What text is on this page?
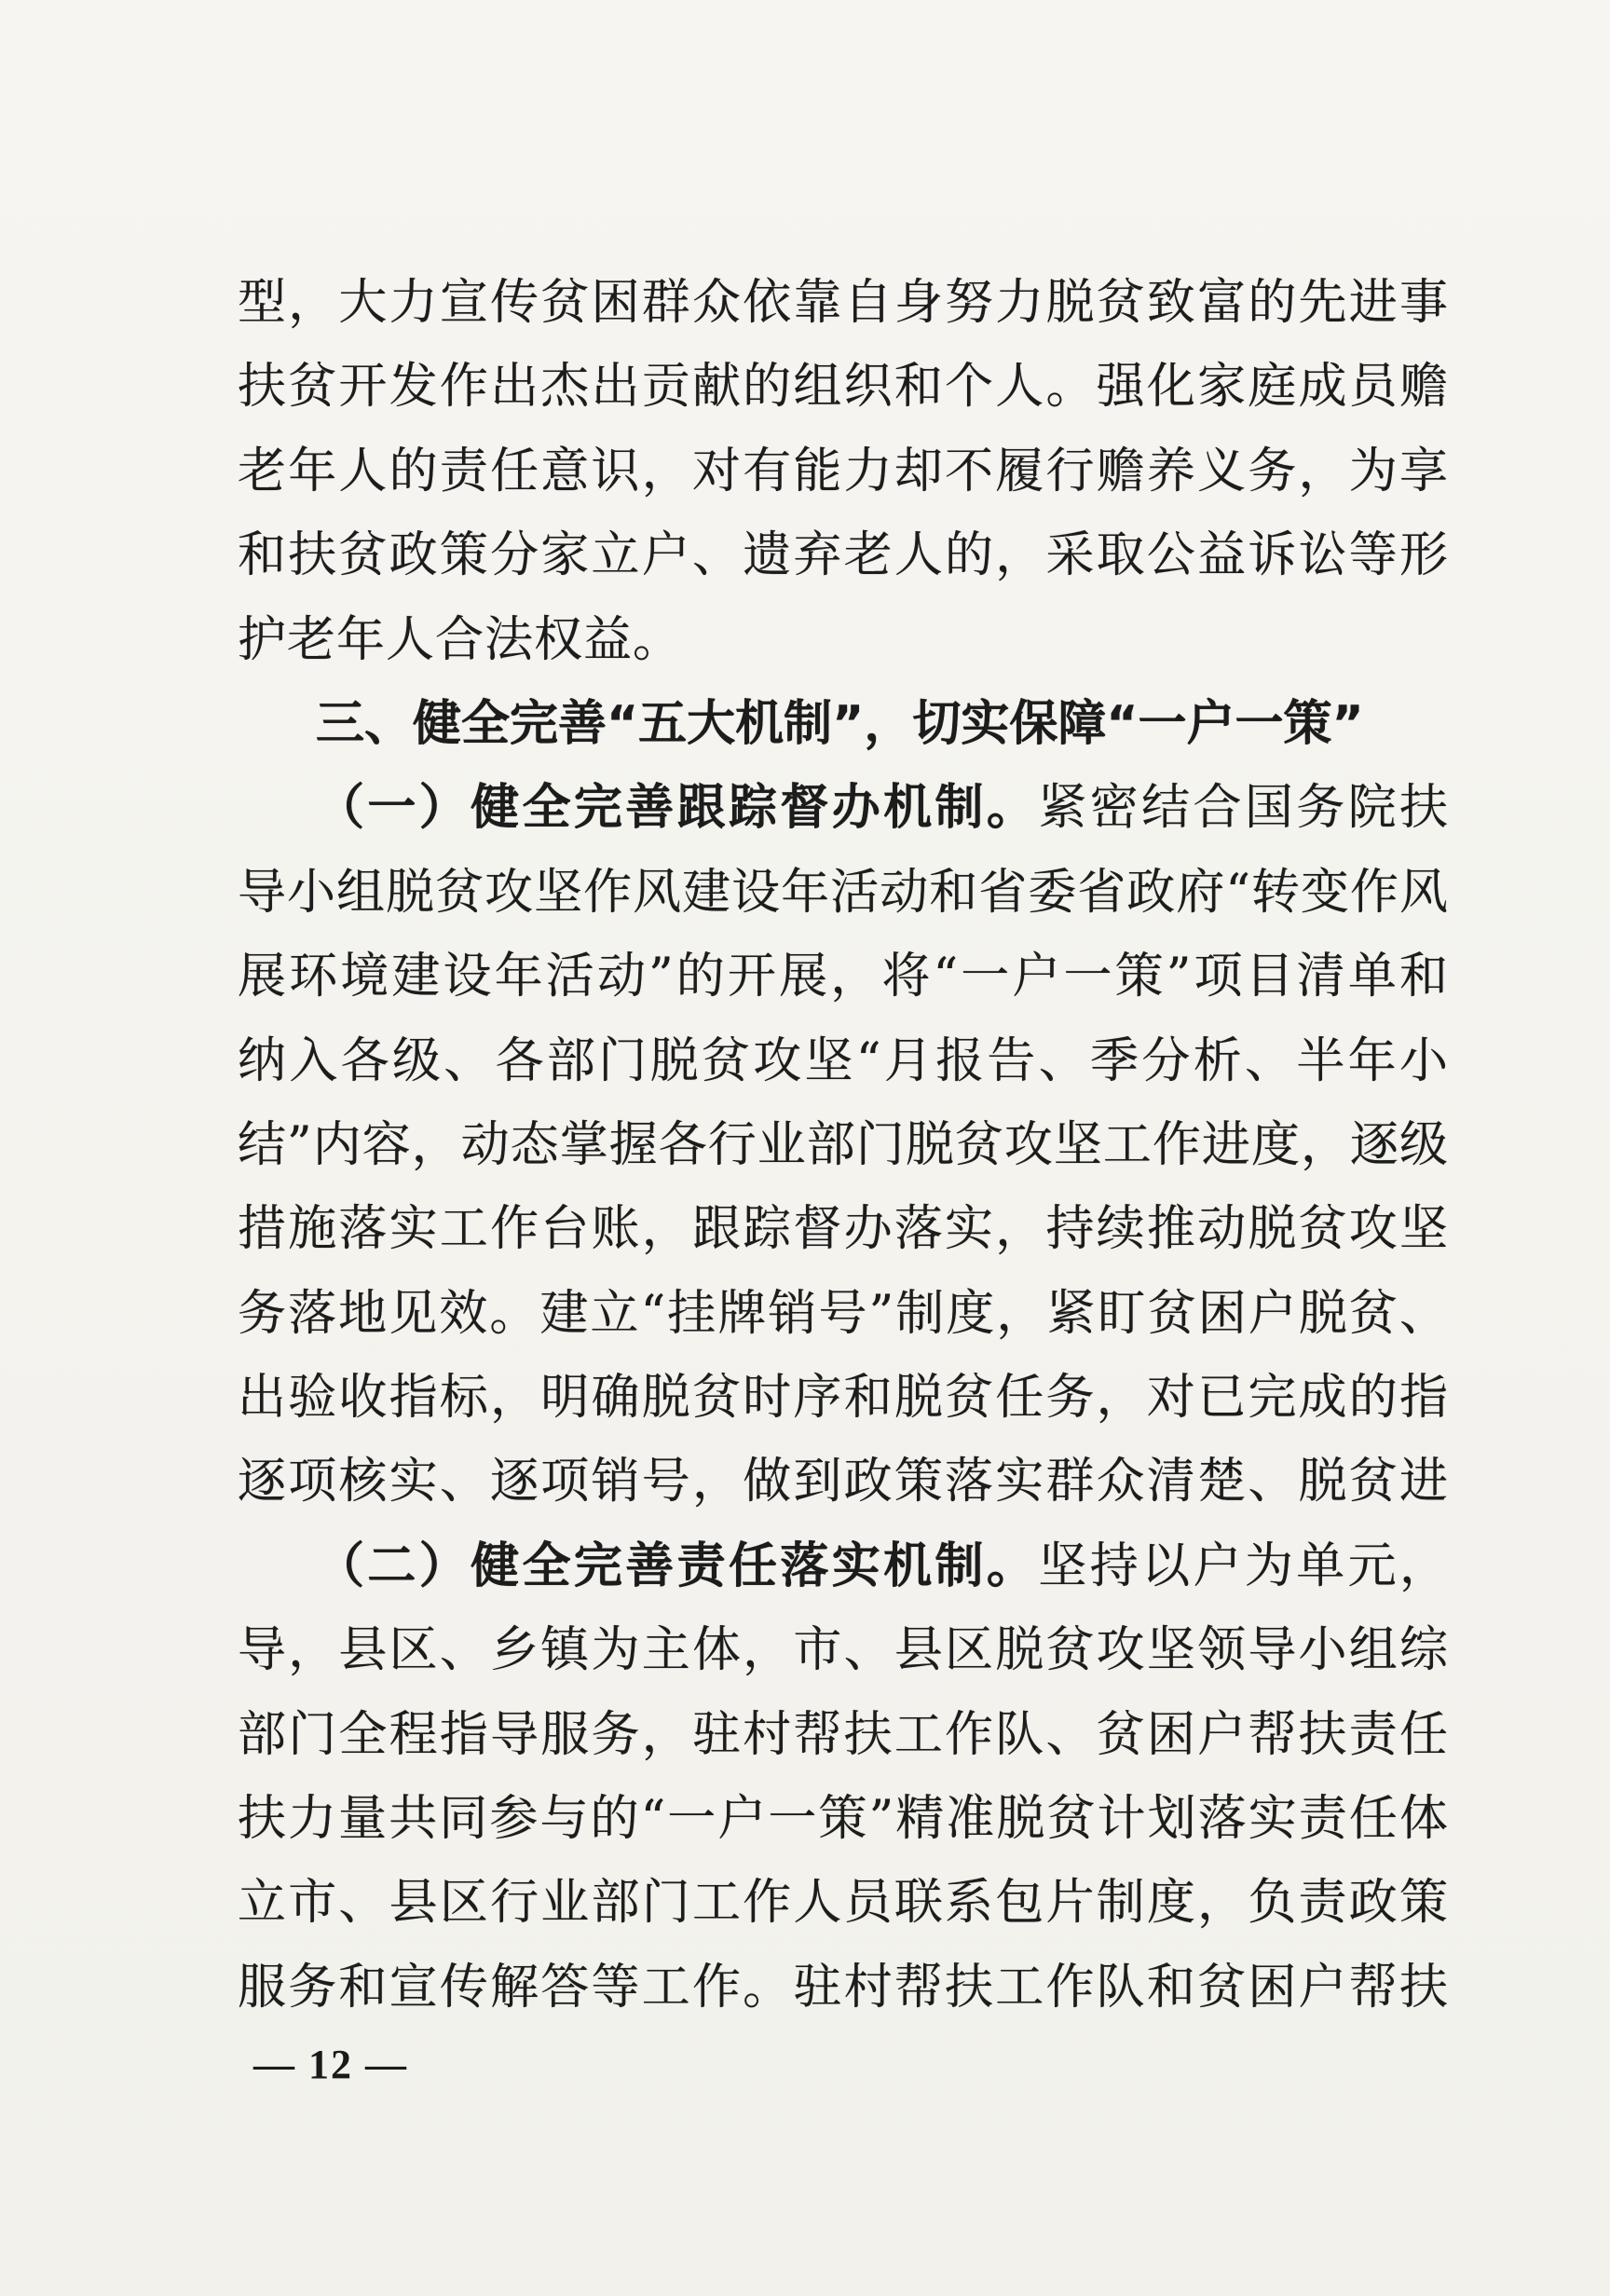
型，大力宣传贫困群众依靠自身努力脱贫致富的先进事
扶贫开发作出杰出贡献的组织和个人。强化家庭成员赡
老年人的责任意识，对有能力却不履行赡养义务，为享
和扶贫政策分家立户、遗弃老人的，采取公益诉讼等形
护老年人合法权益。
三、健全完善“五大机制”，切实保障“一户一策”
（一）健全完善跟踪督办机制。紧密结合国务院扶
导小组脱贫攻坚作风建设年活动和省委省政府“转变作风
展环境建设年活动”的开展，将“一户一策”项目清单和
纳入各级、各部门脱贫攻坚“月报告、季分析、半年小
结”内容，动态掌握各行业部门脱贫攻坚工作进度，逐级
措施落实工作台账，跟踪督办落实，持续推动脱贫攻坚
务落地见效。建立“挂牌销号”制度，紧盯贫困户脱贫、
出验收指标，明确脱贫时序和脱贫任务，对已完成的指
逐项核实、逐项销号，做到政策落实群众清楚、脱贫进
（二）健全完善责任落实机制。坚持以户为单元，
导，县区、乡镇为主体，市、县区脱贫攻坚领导小组综
部门全程指导服务，驻村帮扶工作队、贫困户帮扶责任
扶力量共同参与的“一户一策”精准脱贫计划落实责任体
立市、县区行业部门工作人员联系包片制度，负责政策
服务和宣传解答等工作。驻村帮扶工作队和贫困户帮扶
— 12 —
